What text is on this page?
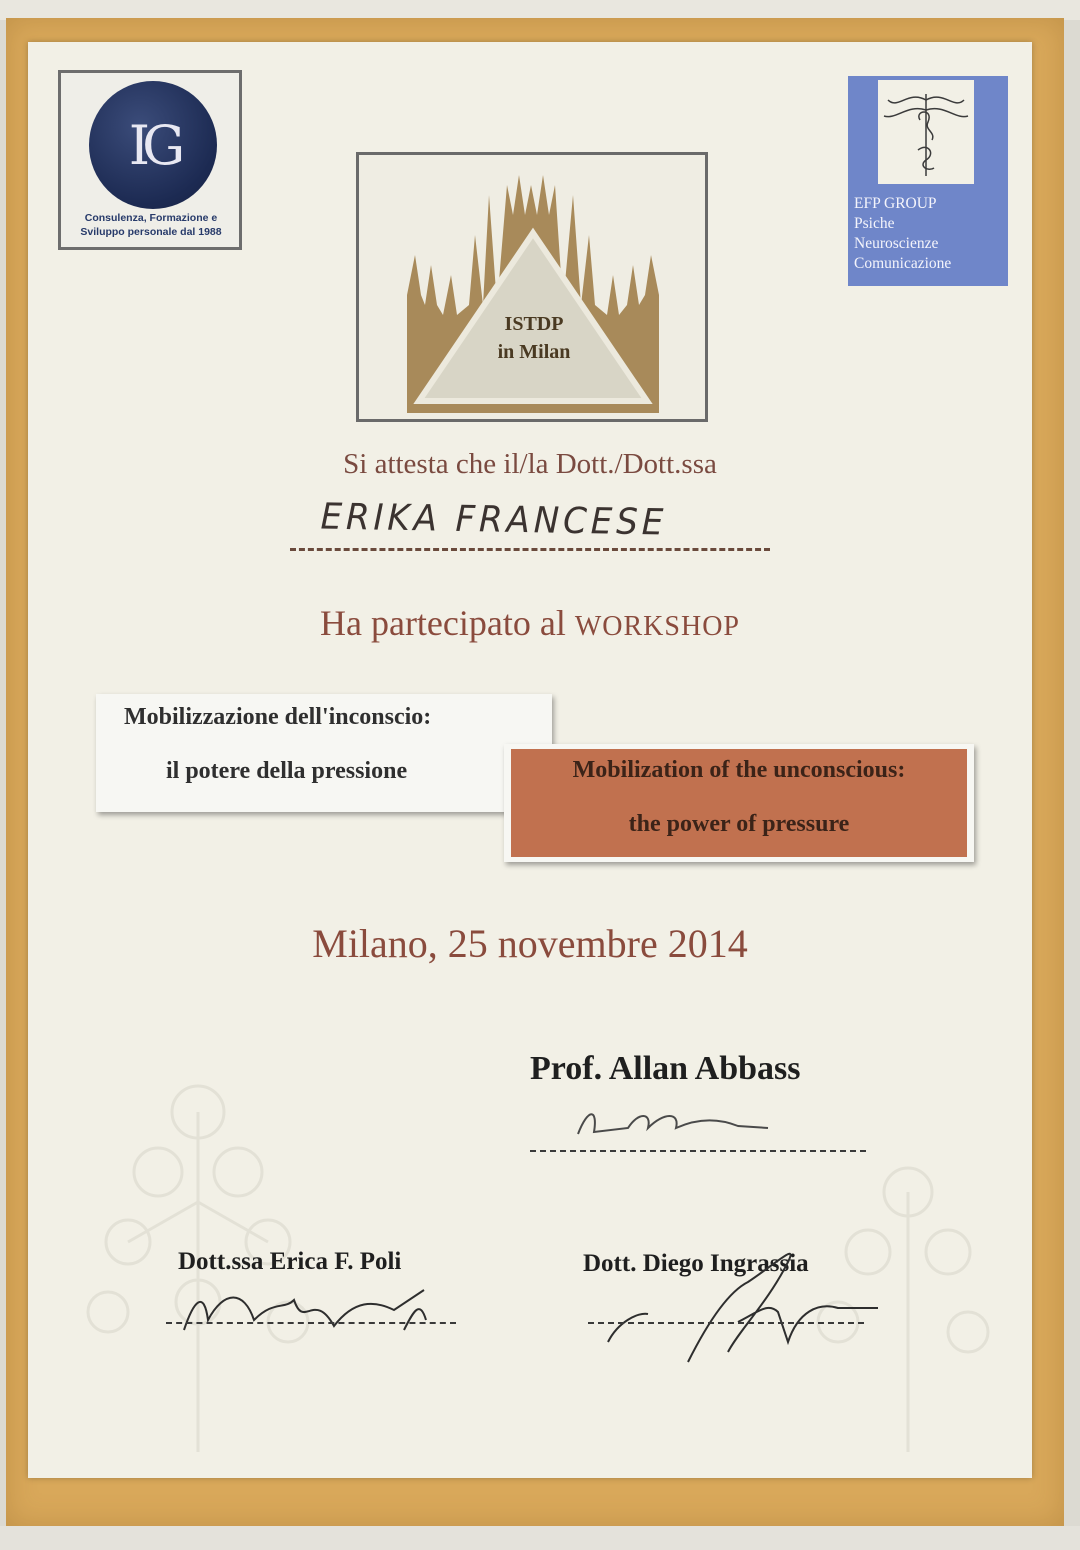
IG
Consulenza, Formazione e
Sviluppo personale dal 1988
EFP GROUP
Psiche
Neuroscienze
Comunicazione
ISTDP
in Milan
Si attesta che il/la Dott./Dott.ssa
ERIKA FRANCESE
Ha partecipato al WORKSHOP
Mobilizzazione dell'inconscio:
il potere della pressione	Mobilization of the unconscious:
the power of pressure
Milano, 25 novembre 2014
Prof. Allan Abbass
Dott.ssa Erica F. Poli	Dott. Diego Ingrassia
